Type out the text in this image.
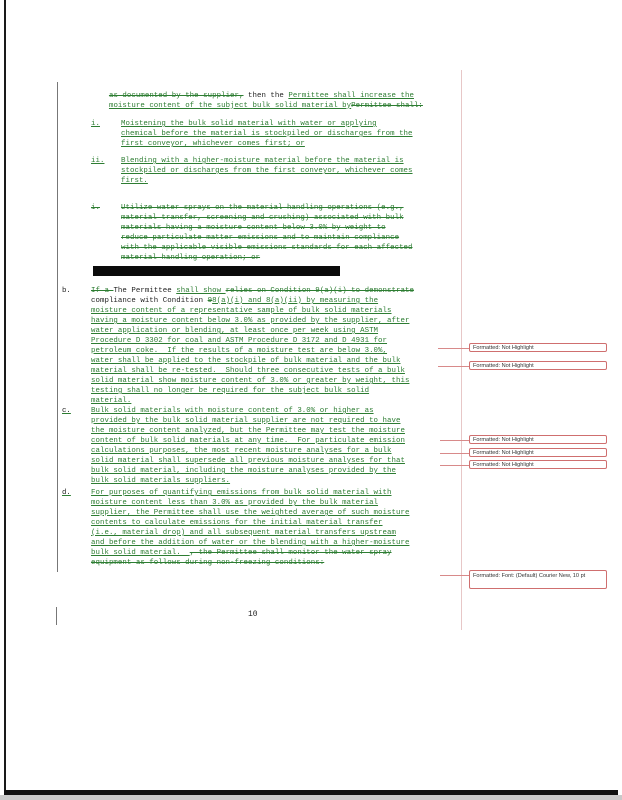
as documented by the supplier, then the Permittee shall increase the

moisture content of the subject bulk solid material byPermittee shall:

i.	Moistening the bulk solid material with water or applying
chemical before the material is stockpiled or discharges from the
first conveyor, whichever comes first; or
ii. Blending with a higher-moisture material before the material is
stockpiled or discharges from the first conveyor, whichever comes
first.
i.	Utilize water sprays on the material handling operations (e.g.,
material transfer, screening and crushing) associated with bulk
materials having a moisture content below 3.0% by weight to
reduce particulate matter emissions and to maintain compliance
with the applicable visible emissions standards for each affected
material handling operation; or
b.	If a The Permittee shall show relies on Condition 9(a)(i) to demonstrate
compliance with Condition 98(a)(i) and 8(a)(ii) by measuring the
moisture content of a representative sample of bulk solid materials
having a moisture content below 3.0% as provided by the supplier, after
water application or blending, at least once per week using ASTM
Procedure D 3302 for coal and ASTM Procedure D 3172 and D 4931 for
petroleum coke.  If the results of a moisture test are below 3.0%,
water shall be applied to the stockpile of bulk material and the bulk
material shall be re-tested.  Should three consecutive tests of a bulk
solid material show moisture content of 3.0% or greater by weight, this
testing shall no longer be required for the subject bulk solid
material.
c.	Bulk solid materials with moisture content of 3.0% or higher as
provided by the bulk solid material supplier are not required to have
the moisture content analyzed, but the Permittee may test the moisture
content of bulk solid materials at any time.  For particulate emission
calculations purposes, the most recent moisture analyses for a bulk
solid material shall supersede all previous moisture analyses for that
bulk solid material, including the moisture analyses provided by the
bulk solid materials suppliers.
d.	For purposes of quantifying emissions from bulk solid material with
moisture content less than 3.0% as provided by the bulk material
supplier, the Permittee shall use the weighted average of such moisture
contents to calculate emissions for the initial material transfer
(i.e., material drop) and all subsequent material transfers upstream
and before the addition of water or the blending with a higher-moisture
bulk solid material.  , the Permittee shall monitor the water spray
equipment as follows during non-freezing conditions:
Formatted: Not Highlight
Formatted: Not Highlight
Formatted: Not Highlight
Formatted: Not Highlight
Formatted: Not Highlight
Formatted: Font: (Default) Courier New, 10 pt
10
